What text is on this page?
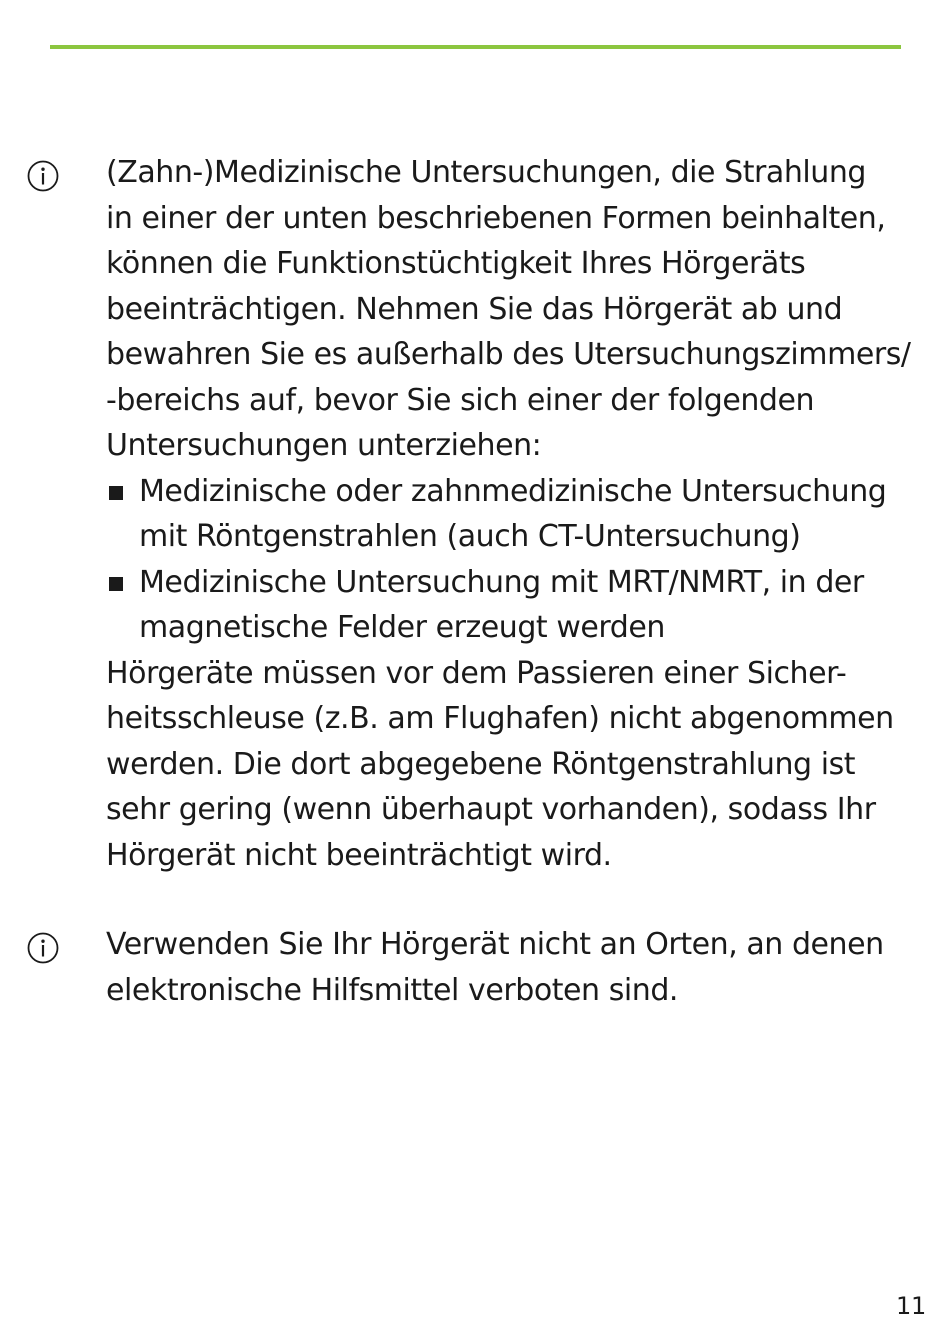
(Zahn-)Medizinische Untersuchungen, die Strahlung
in einer der unten beschriebenen Formen beinhalten,
können die Funktionstüchtigkeit Ihres Hörgeräts
beeinträchtigen. Nehmen Sie das Hörgerät ab und
bewahren Sie es außerhalb des Utersuchungszimmers/
-bereichs auf, bevor Sie sich einer der folgenden
Untersuchungen unterziehen:

Medizinische oder zahnmedizinische Untersuchung
mit Röntgenstrahlen (auch CT-Untersuchung)
Medizinische Untersuchung mit MRT/NMRT, in der
magnetische Felder erzeugt werden

Hörgeräte müssen vor dem Passieren einer Sicher-
heitsschleuse (z.B. am Flughafen) nicht abgenommen
werden. Die dort abgegebene Röntgenstrahlung ist
sehr gering (wenn überhaupt vorhanden), sodass Ihr
Hörgerät nicht beeinträchtigt wird.

Verwenden Sie Ihr Hörgerät nicht an Orten, an denen
elektronische Hilfsmittel verboten sind.

11
